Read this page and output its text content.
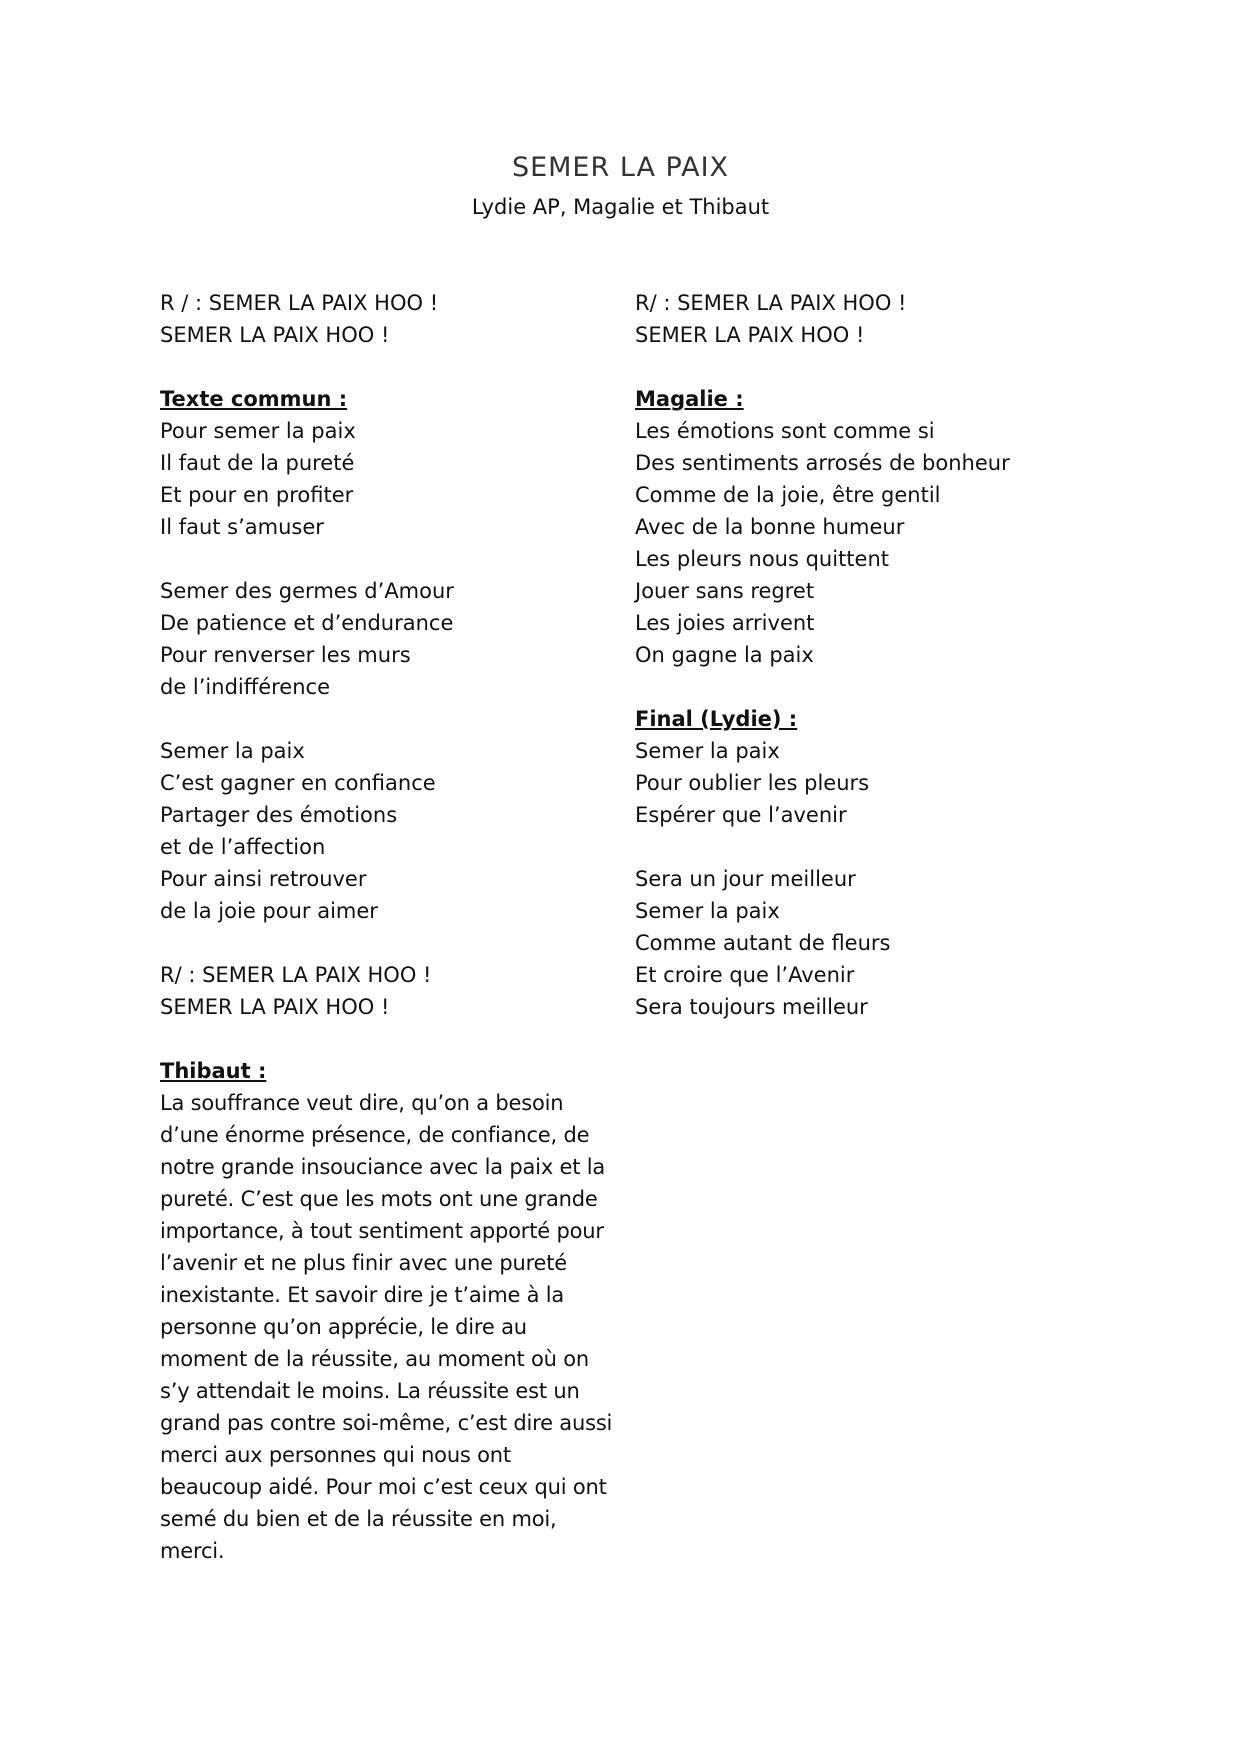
SEMER LA PAIX
Lydie AP, Magalie et Thibaut
R / : SEMER LA PAIX HOO !
SEMER LA PAIX HOO !
Texte commun :
Pour semer la paix
Il faut de la pureté
Et pour en profiter
Il faut s’amuser
Semer des germes d’Amour
De patience et d’endurance
Pour renverser les murs
de l’indifférence
Semer la paix
C’est gagner en confiance
Partager des émotions
et de l’affection
Pour ainsi retrouver
de la joie pour aimer
R/ : SEMER LA PAIX HOO !
SEMER LA PAIX HOO !
Thibaut :
La souffrance veut dire, qu’on a besoin d’une énorme présence, de confiance, de notre grande insouciance avec la paix et la pureté. C’est que les mots ont une grande importance, à tout sentiment apporté pour l’avenir et ne plus finir avec une pureté inexistante. Et savoir dire je t’aime à la personne qu’on apprécie, le dire au moment de la réussite, au moment où on s’y attendait le moins. La réussite est un grand pas contre soi-même, c’est dire aussi merci aux personnes qui nous ont beaucoup aidé. Pour moi c’est ceux qui ont semé du bien et de la réussite en moi, merci.
R/ : SEMER LA PAIX HOO !
SEMER LA PAIX HOO !
Magalie :
Les émotions sont comme si
Des sentiments arrosés de bonheur
Comme de la joie, être gentil
Avec de la bonne humeur
Les pleurs nous quittent
Jouer sans regret
Les joies arrivent
On gagne la paix
Final (Lydie) :
Semer la paix
Pour oublier les pleurs
Espérer que l’avenir
Sera un jour meilleur
Semer la paix
Comme autant de fleurs
Et croire que l’Avenir
Sera toujours meilleur
